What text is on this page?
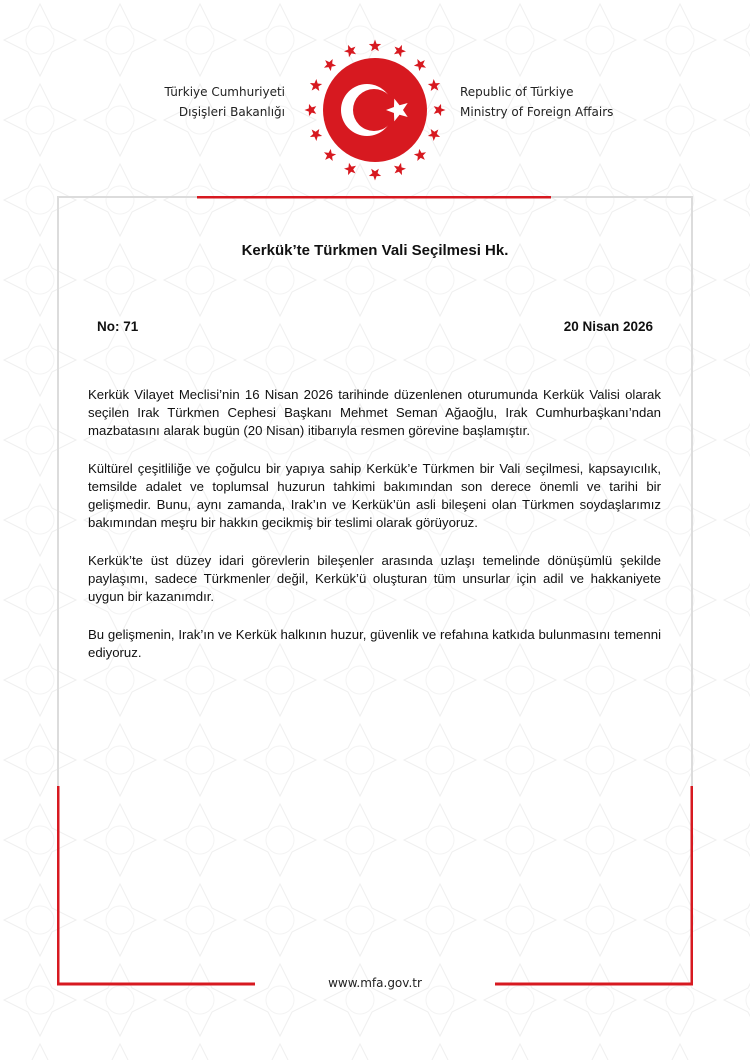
Türkiye Cumhuriyeti
Dışişleri Bakanlığı
Republic of Türkiye
Ministry of Foreign Affairs
Kerkük’te Türkmen Vali Seçilmesi Hk.
No: 71	20 Nisan 2026

Kerkük Vilayet Meclisi’nin 16 Nisan 2026 tarihinde düzenlenen oturumunda Kerkük Valisi olarak seçilen Irak Türkmen Cephesi Başkanı Mehmet Seman Ağaoğlu, Irak Cumhurbaşkanı’ndan mazbatasını alarak bugün (20 Nisan) itibarıyla resmen görevine başlamıştır.

Kültürel çeşitliliğe ve çoğulcu bir yapıya sahip Kerkük’e Türkmen bir Vali seçilmesi, kapsayıcılık, temsilde adalet ve toplumsal huzurun tahkimi bakımından son derece önemli ve tarihi bir gelişmedir. Bunu, aynı zamanda, Irak’ın ve Kerkük’ün asli bileşeni olan Türkmen soydaşlarımız bakımından meşru bir hakkın gecikmiş bir teslimi olarak görüyoruz.

Kerkük’te üst düzey idari görevlerin bileşenler arasında uzlaşı temelinde dönüşümlü şekilde paylaşımı, sadece Türkmenler değil, Kerkük’ü oluşturan tüm unsurlar için adil ve hakkaniyete uygun bir kazanımdır.

Bu gelişmenin, Irak’ın ve Kerkük halkının huzur, güvenlik ve refahına katkıda bulunmasını temenni ediyoruz.

www.mfa.gov.tr
